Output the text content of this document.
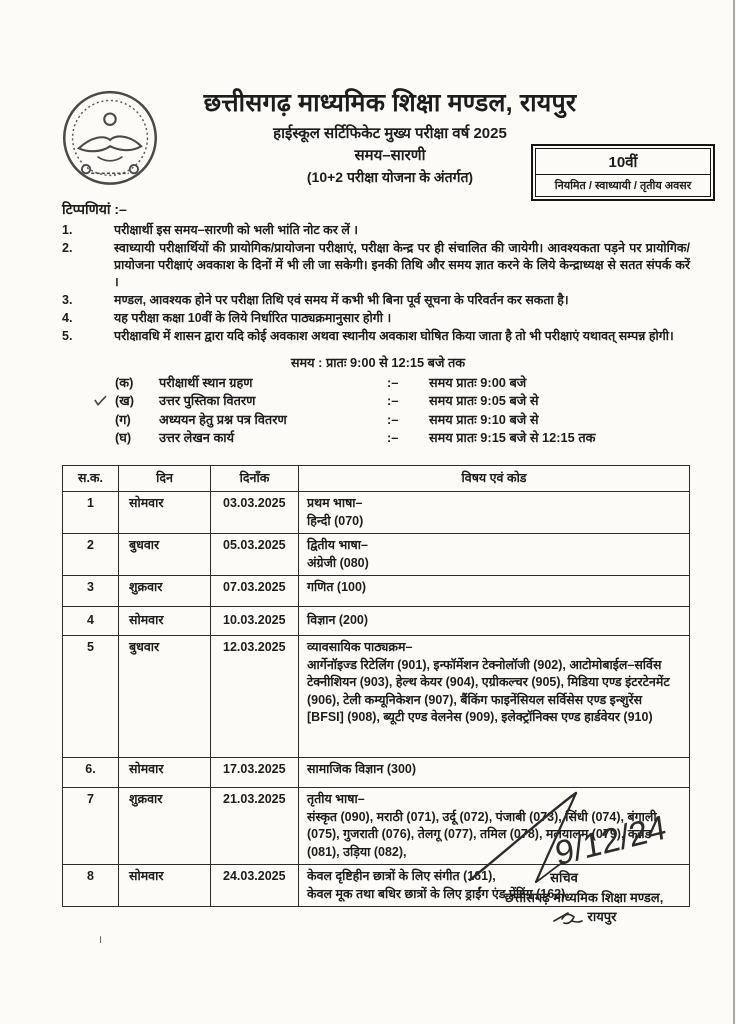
छत्तीसगढ़ माध्यमिक शिक्षा मण्डल, रायपुर
हाईस्कूल सर्टिफिकेट मुख्य परीक्षा वर्ष 2025
समय–सारणी
(10+2 परीक्षा योजना के अंतर्गत)
10वीं
नियमित / स्वाध्यायी / तृतीय अवसर
टिप्पणियां :–
1.	परीक्षार्थी इस समय–सारणी को भली भांति नोट कर लें ।
2.	स्वाध्यायी परीक्षार्थियों की प्रायोगिक/प्रायोजना परीक्षाएं, परीक्षा केन्द्र पर ही संचालित की जायेगी। आवश्यकता पड़ने पर प्रायोगिक/प्रायोजना परीक्षाएं अवकाश के दिनों में भी ली जा सकेगी। इनकी तिथि और समय ज्ञात करने के लिये केन्द्राध्यक्ष से सतत संपर्क करें ।
3.	मण्डल, आवश्यक होने पर परीक्षा तिथि एवं समय में कभी भी बिना पूर्व सूचना के परिवर्तन कर सकता है।
4.	यह परीक्षा कक्षा 10वीं के लिये निर्धारित पाठ्यक्रमानुसार होगी ।
5.	परीक्षावधि में शासन द्वारा यदि कोई अवकाश अथवा स्थानीय अवकाश घोषित किया जाता है तो भी परीक्षाएं यथावत् सम्पन्न होगी।
समय : प्रातः 9:00 से 12:15 बजे तक
(क)	परीक्षार्थी स्थान ग्रहण	:–	समय प्रातः 9:00 बजे
(ख)	उत्तर पुस्तिका वितरण	:–	समय प्रातः 9:05 बजे से
(ग)	अध्ययन हेतु प्रश्न पत्र वितरण	:–	समय प्रातः 9:10 बजे से
(घ)	उत्तर लेखन कार्य	:–	समय प्रातः 9:15 बजे से 12:15 तक
स.क.	दिन	दिनाँक	विषय एवं कोड
1	सोमवार	03.03.2025	प्रथम भाषा–
हिन्दी (070)

2	बुधवार	05.03.2025	द्वितीय भाषा–
अंग्रेजी (080)

3	शुक्रवार	07.03.2025	गणित (100)

4	सोमवार	10.03.2025	विज्ञान (200)

5	बुधवार	12.03.2025	व्यावसायिक पाठ्यक्रम–
आर्गेनॉइज्ड रिटेलिंग (901), इन्फॉर्मेशन टेक्नोलॉजी (902), आटोमोबाईल–सर्विस टेक्नीशियन (903), हेल्थ केयर (904), एग्रीकल्चर (905), मिडिया एण्ड इंटरटेनमेंट (906), टेली कम्यूनिकेशन (907), बैंकिंग फाइनेंसियल सर्विसेस एण्ड इन्शुरेंस [BFSI] (908), ब्यूटी एण्ड वेलनेस (909), इलेक्ट्रॉनिक्स एण्ड हार्डवेयर (910)

6.	सोमवार	17.03.2025	सामाजिक विज्ञान (300)

7	शुक्रवार	21.03.2025	तृतीय भाषा–
संस्कृत (090), मराठी (071), उर्दू (072), पंजाबी (073), सिंधी (074), बंगाली (075), गुजराती (076), तेलगू (077), तमिल (078), मलयालम (079), कन्नड (081), उड़िया (082),

8	सोमवार	24.03.2025	केवल दृष्टिहीन छात्रों के लिए संगीत (161),
केवल मूक तथा बधिर छात्रों के लिए ड्राईंग एंड पेंटिंग (162)
9/12/24
सचिव
छत्तीसगढ़ माध्यमिक शिक्षा मण्डल,
रायपुर
।
